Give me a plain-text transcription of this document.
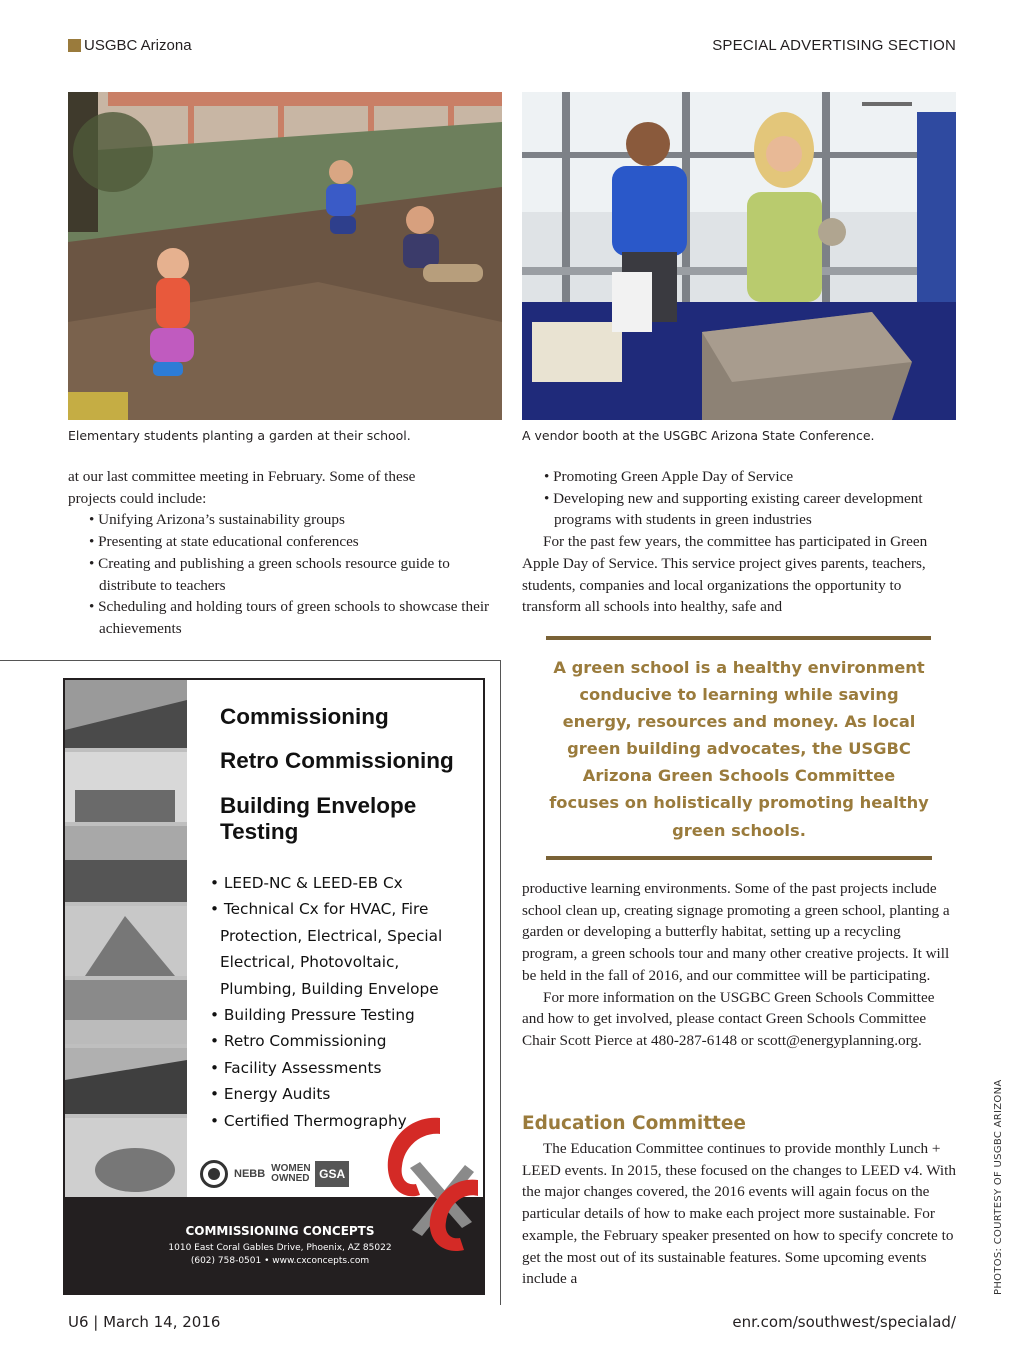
USGBC Arizona	SPECIAL ADVERTISING SECTION
Elementary students planting a garden at their school.	A vendor booth at the USGBC Arizona State Conference.

at our last committee meeting in February. Some of these

projects could include:

• Unifying Arizona’s sustainability groups

• Presenting at state educational conferences

• Creating and publishing a green schools resource guide to distribute to teachers

• Scheduling and holding tours of green schools to showcase their achievements

• Promoting Green Apple Day of Service

• Developing new and supporting existing career development programs with students in green industries

For the past few years, the committee has participated in Green Apple Day of Service. This service project gives parents, teachers, students, companies and local organizations the opportunity to transform all schools into healthy, safe and

A green school is a healthy environment conducive to learning while saving energy, resources and money. As local green building advocates, the USGBC Arizona Green Schools Committee focuses on holistically promoting healthy green schools.

productive learning environments. Some of the past projects include school clean up, creating signage promoting a green school, planting a garden or developing a butterfly habitat, setting up a recycling program, a green schools tour and many other creative projects. It will be held in the fall of 2016, and our committee will be participating.

For more information on the USGBC Green Schools Committee and how to get involved, please contact Green Schools Committee Chair Scott Pierce at 480-287-6148 or scott@energyplanning.org.

Education Committee

The Education Committee continues to provide monthly Lunch + LEED events. In 2015, these focused on the changes to LEED v4. With the major changes covered, the 2016 events will again focus on the particular details of how to make each project more sustainable. For example, the February speaker presented on how to specify concrete to get the most out of its sustainable features. Some upcoming events include a

Commissioning
Retro Commissioning
Building Envelope
Testing
• LEED-NC & LEED-EB Cx
• Technical Cx for HVAC, Fire Protection, Electrical, Special Electrical, Photovoltaic, Plumbing, Building Envelope
• Building Pressure Testing
• Retro Commissioning
• Facility Assessments
• Energy Audits
• Certified Thermography
NEBB WOMEN OWNED GSA
COMMISSIONING CONCEPTS
1010 East Coral Gables Drive, Phoenix, AZ 85022
(602) 758-0501 • www.cxconcepts.com	PHOTOS: COURTESY OF USGBC ARIZONA
U6 | March 14, 2016	enr.com/southwest/specialad/
